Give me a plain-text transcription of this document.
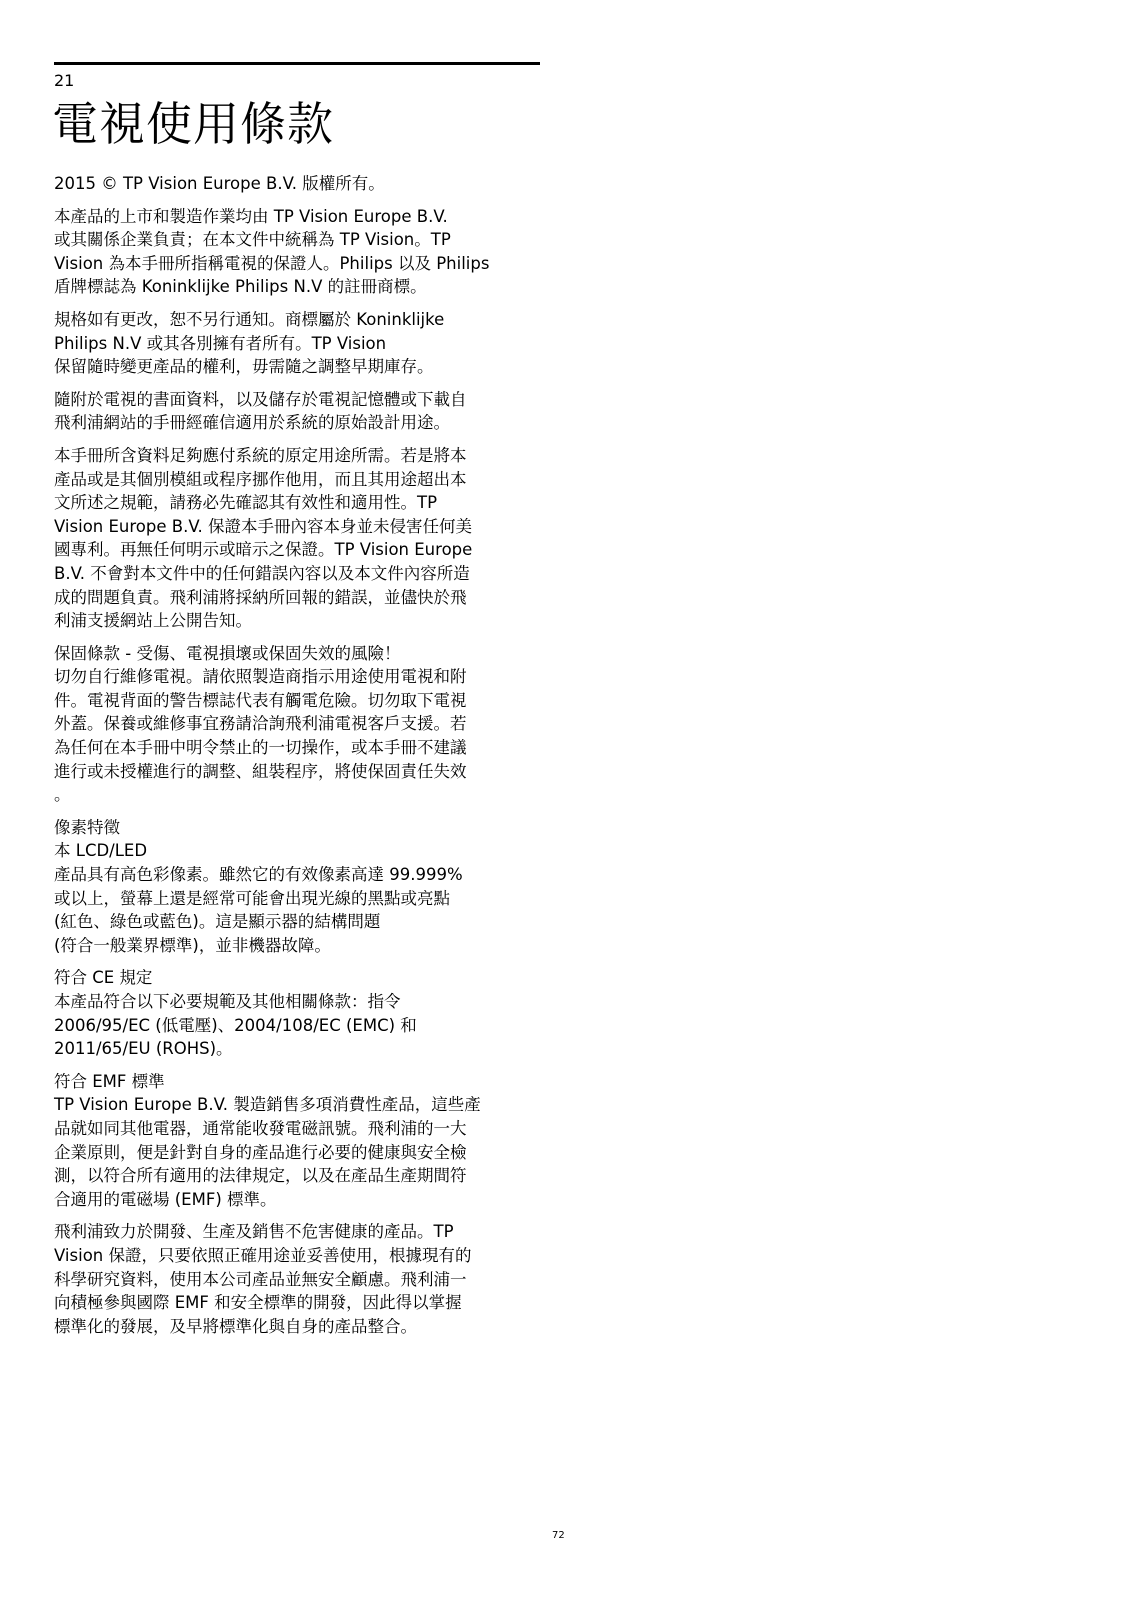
21
電視使用條款

2015 © TP Vision Europe B.V. 版權所有。

本產品的上市和製造作業均由 TP Vision Europe B.V.
或其關係企業負責；在本文件中統稱為 TP Vision。TP
Vision 為本手冊所指稱電視的保證人。Philips 以及 Philips
盾牌標誌為 Koninklijke Philips N.V 的註冊商標。

規格如有更改，恕不另行通知。商標屬於 Koninklijke
Philips N.V 或其各別擁有者所有。TP Vision
保留隨時變更產品的權利，毋需隨之調整早期庫存。

隨附於電視的書面資料，以及儲存於電視記憶體或下載自
飛利浦網站的手冊經確信適用於系統的原始設計用途。

本手冊所含資料足夠應付系統的原定用途所需。若是將本
產品或是其個別模組或程序挪作他用，而且其用途超出本
文所述之規範，請務必先確認其有效性和適用性。TP
Vision Europe B.V. 保證本手冊內容本身並未侵害任何美
國專利。再無任何明示或暗示之保證。TP Vision Europe
B.V. 不會對本文件中的任何錯誤內容以及本文件內容所造
成的問題負責。飛利浦將採納所回報的錯誤，並儘快於飛
利浦支援網站上公開告知。

保固條款 - 受傷、電視損壞或保固失效的風險！
切勿自行維修電視。請依照製造商指示用途使用電視和附
件。電視背面的警告標誌代表有觸電危險。切勿取下電視
外蓋。保養或維修事宜務請洽詢飛利浦電視客戶支援。若
為任何在本手冊中明令禁止的一切操作，或本手冊不建議
進行或未授權進行的調整、組裝程序，將使保固責任失效
。

像素特徵
本 LCD/LED
產品具有高色彩像素。雖然它的有效像素高達 99.999%
或以上，螢幕上還是經常可能會出現光線的黑點或亮點
(紅色、綠色或藍色)。這是顯示器的結構問題
(符合一般業界標準)，並非機器故障。

符合 CE 規定
本產品符合以下必要規範及其他相關條款：指令
2006/95/EC (低電壓)、2004/108/EC (EMC) 和
2011/65/EU (ROHS)。

符合 EMF 標準
TP Vision Europe B.V. 製造銷售多項消費性產品，這些產
品就如同其他電器，通常能收發電磁訊號。飛利浦的一大
企業原則，便是針對自身的產品進行必要的健康與安全檢
測，以符合所有適用的法律規定，以及在產品生產期間符
合適用的電磁場 (EMF) 標準。

飛利浦致力於開發、生產及銷售不危害健康的產品。TP
Vision 保證，只要依照正確用途並妥善使用，根據現有的
科學研究資料，使用本公司產品並無安全顧慮。飛利浦一
向積極參與國際 EMF 和安全標準的開發，因此得以掌握
標準化的發展，及早將標準化與自身的產品整合。

72
